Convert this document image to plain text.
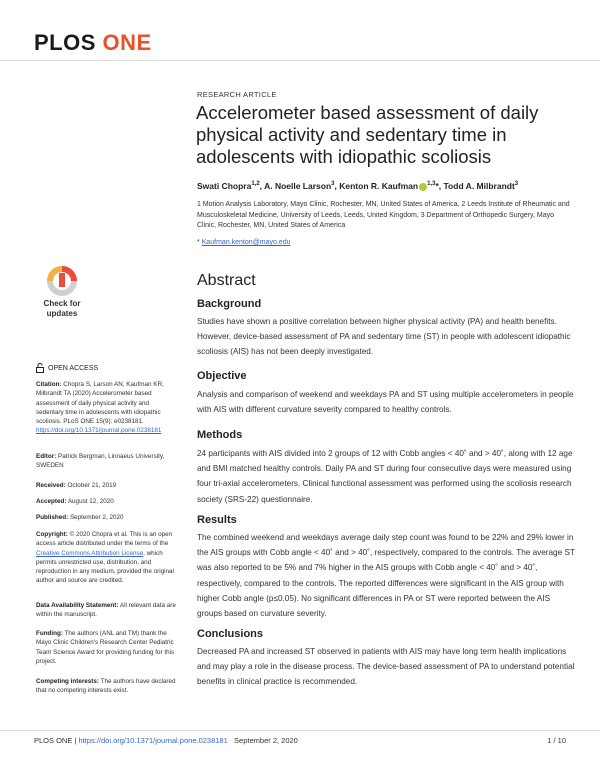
PLOS ONE
RESEARCH ARTICLE
Accelerometer based assessment of daily physical activity and sedentary time in adolescents with idiopathic scoliosis
Swati Chopra$^{1,2}$, A. Noelle Larson$^3$, Kenton R. Kaufman $^{1,3}$*, Todd A. Milbrandt$^3$
1 Motion Analysis Laboratory, Mayo Clinic, Rochester, MN, United States of America, 2 Leeds Institute of Rheumatic and Musculoskeletal Medicine, University of Leeds, Leeds, United Kingdom, 3 Department of Orthopedic Surgery, Mayo Clinic, Rochester, MN, United States of America
* Kaufman.kenton@mayo.edu
Abstract
Background
Studies have shown a positive correlation between higher physical activity (PA) and health benefits. However, device-based assessment of PA and sedentary time (ST) in people with adolescent idiopathic scoliosis (AIS) has not been deeply investigated.
Objective
Analysis and comparison of weekend and weekdays PA and ST using multiple accelerometers in people with AIS with different curvature severity compared to healthy controls.
Methods
24 participants with AIS divided into 2 groups of 12 with Cobb angles < 40˚ and > 40˚, along with 12 age and BMI matched healthy controls. Daily PA and ST during four consecutive days were measured using four tri-axial accelerometers. Clinical functional assessment was performed using the scoliosis research society (SRS-22) questionnaire.
Results
The combined weekend and weekdays average daily step count was found to be 22% and 29% lower in the AIS groups with Cobb angle < 40˚ and > 40˚, respectively, compared to the controls. The average ST was also reported to be 5% and 7% higher in the AIS groups with Cobb angle < 40˚ and > 40˚, respectively, compared to the controls. The reported differences were significant in the AIS group with higher Cobb angle (p≤0.05). No significant differences in PA or ST were reported between the AIS groups based on curvature severity.
Conclusions
Decreased PA and increased ST observed in patients with AIS may have long term health implications and may play a role in the disease process. The device-based assessment of PA to understand potential benefits in clinical practice is recommended.
Check for
updates
OPEN ACCESS
Citation: Chopra S, Larson AN, Kaufman KR, Milbrandt TA (2020) Accelerometer based assessment of daily physical activity and sedentary time in adolescents with idiopathic scoliosis. PLoS ONE 15(9): e0238181. https://doi.org/10.1371/journal.pone.0238181
Editor: Patrick Bergman, Linnaeus University, SWEDEN
Received: October 21, 2019
Accepted: August 12, 2020
Published: September 2, 2020
Copyright: © 2020 Chopra et al. This is an open access article distributed under the terms of the Creative Commons Attribution License, which permits unrestricted use, distribution, and reproduction in any medium, provided the original author and source are credited.
Data Availability Statement: All relevant data are within the manuscript.
Funding: The authors (ANL and TM) thank the Mayo Clinic Children's Research Center Pediatric Team Science Award for providing funding for this project.
Competing interests: The authors have declared that no competing interests exist.
PLOS ONE | https://doi.org/10.1371/journal.pone.0238181 September 2, 2020	1 / 10
